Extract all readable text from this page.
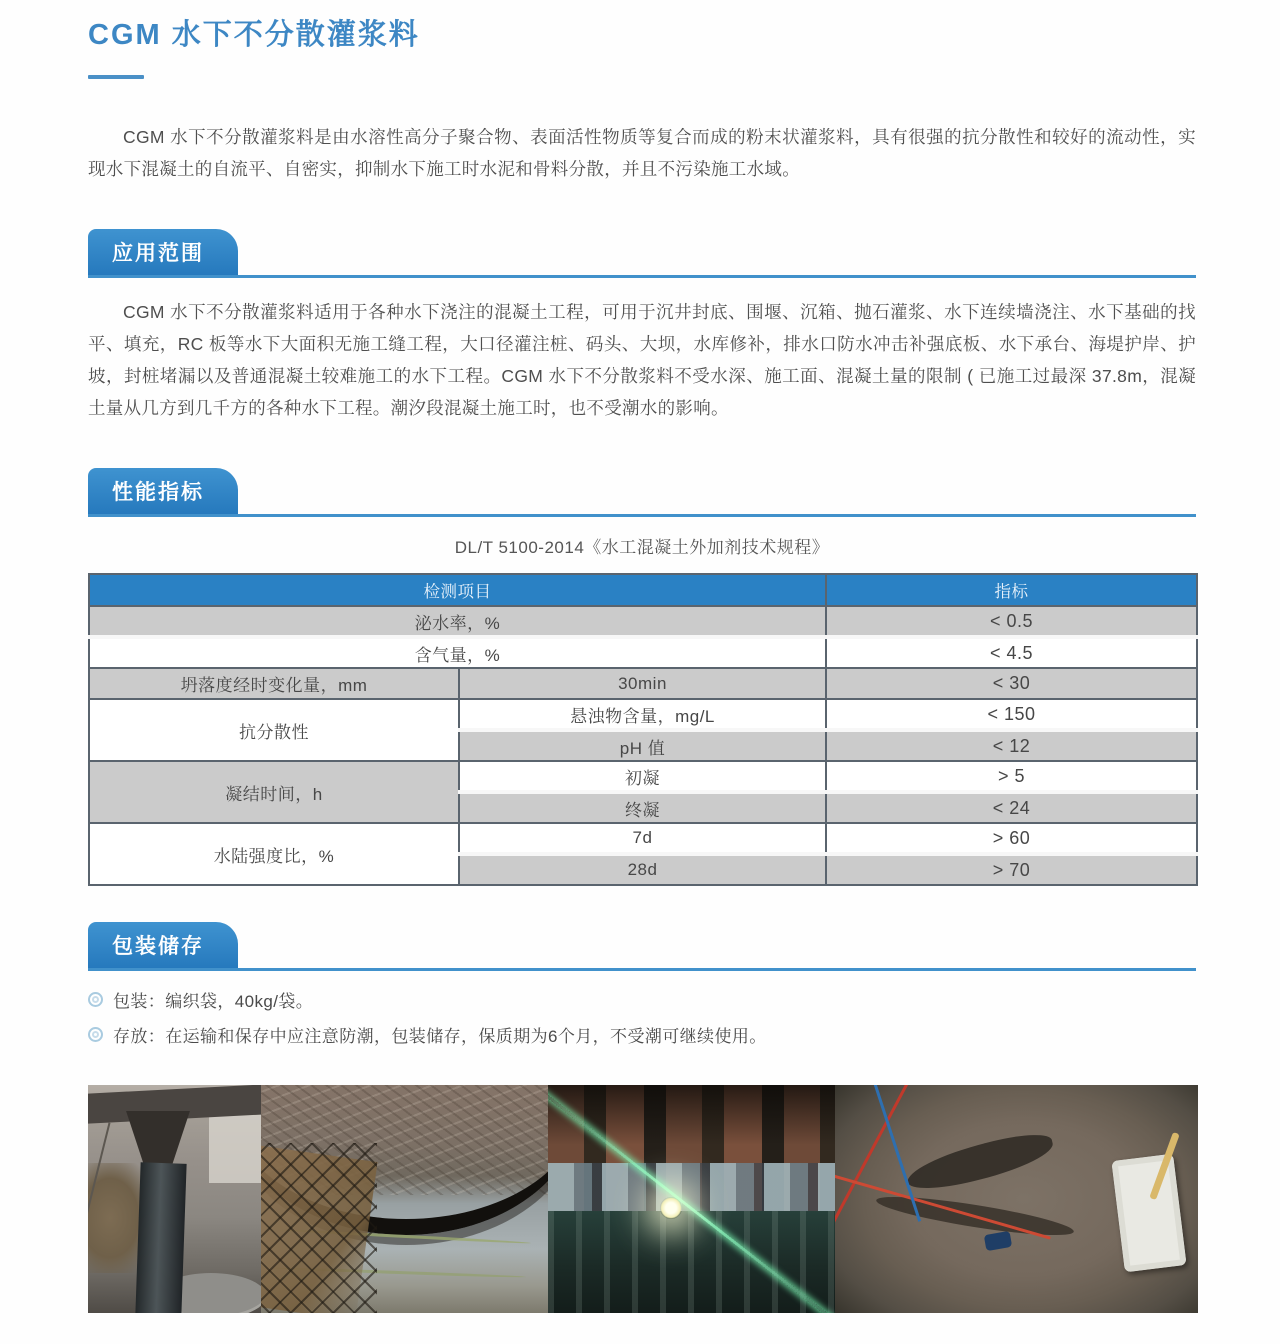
CGM 水下不分散灌浆料

CGM 水下不分散灌浆料是由水溶性高分子聚合物、表面活性物质等复合而成的粉末状灌浆料，具有很强的抗分散性和较好的流动性，实现水下混凝土的自流平、自密实，抑制水下施工时水泥和骨料分散，并且不污染施工水域。

应用范围

CGM 水下不分散灌浆料适用于各种水下浇注的混凝土工程，可用于沉井封底、围堰、沉箱、抛石灌浆、水下连续墙浇注、水下基础的找平、填充，RC 板等水下大面积无施工缝工程，大口径灌注桩、码头、大坝，水库修补，排水口防水冲击补强底板、水下承台、海堤护岸、护坡，封桩堵漏以及普通混凝土较难施工的水下工程。CGM 水下不分散浆料不受水深、施工面、混凝土量的限制 ( 已施工过最深 37.8m，混凝土量从几方到几千方的各种水下工程。潮汐段混凝土施工时，也不受潮水的影响。

性能指标
DL/T 5100-2014《水工混凝土外加剂技术规程》
检测项目		指标
泌水率，%		< 0.5
含气量，%		< 4.5
坍落度经时变化量，mm	30min	< 30
抗分散性	悬浊物含量，mg/L	< 150
	pH 值	< 12
凝结时间，h	初凝	> 5
	终凝	< 24
水陆强度比，%	7d	> 60
	28d	> 70
包装储存
包装：编织袋，40kg/袋。
存放：在运输和保存中应注意防潮，包装储存，保质期为6个月，不受潮可继续使用。
